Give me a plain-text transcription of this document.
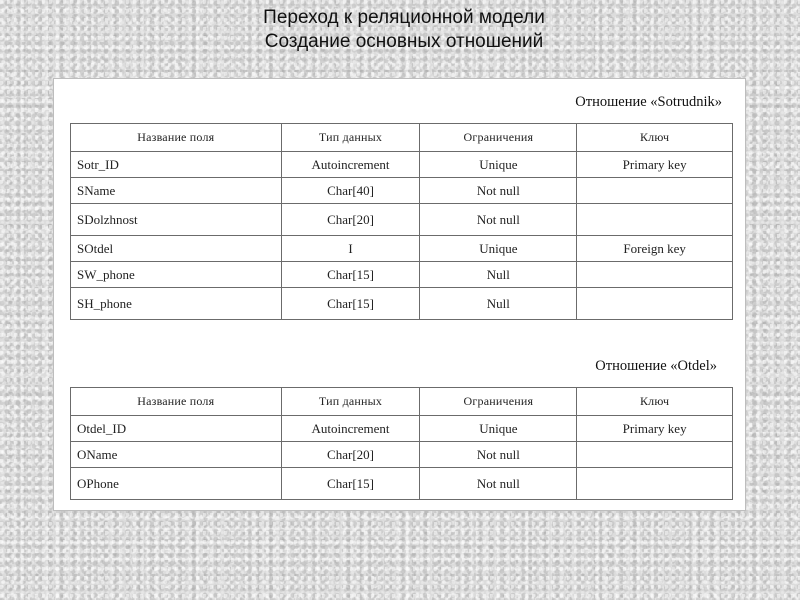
Переход к реляционной модели
Создание основных отношений
Отношение «Sotrudnik»
Название поля	Тип данных	Ограничения	Ключ
Sotr_ID	Autoincrement	Unique	Primary key
SName	Char[40]	Not null	
SDolzhnost	Char[20]	Not null	
SOtdel	I	Unique	Foreign key
SW_phone	Char[15]	Null	
SH_phone	Char[15]	Null	
Отношение «Otdel»
Название поля	Тип данных	Ограничения	Ключ
Otdel_ID	Autoincrement	Unique	Primary key
OName	Char[20]	Not null	
OPhone	Char[15]	Not null	
